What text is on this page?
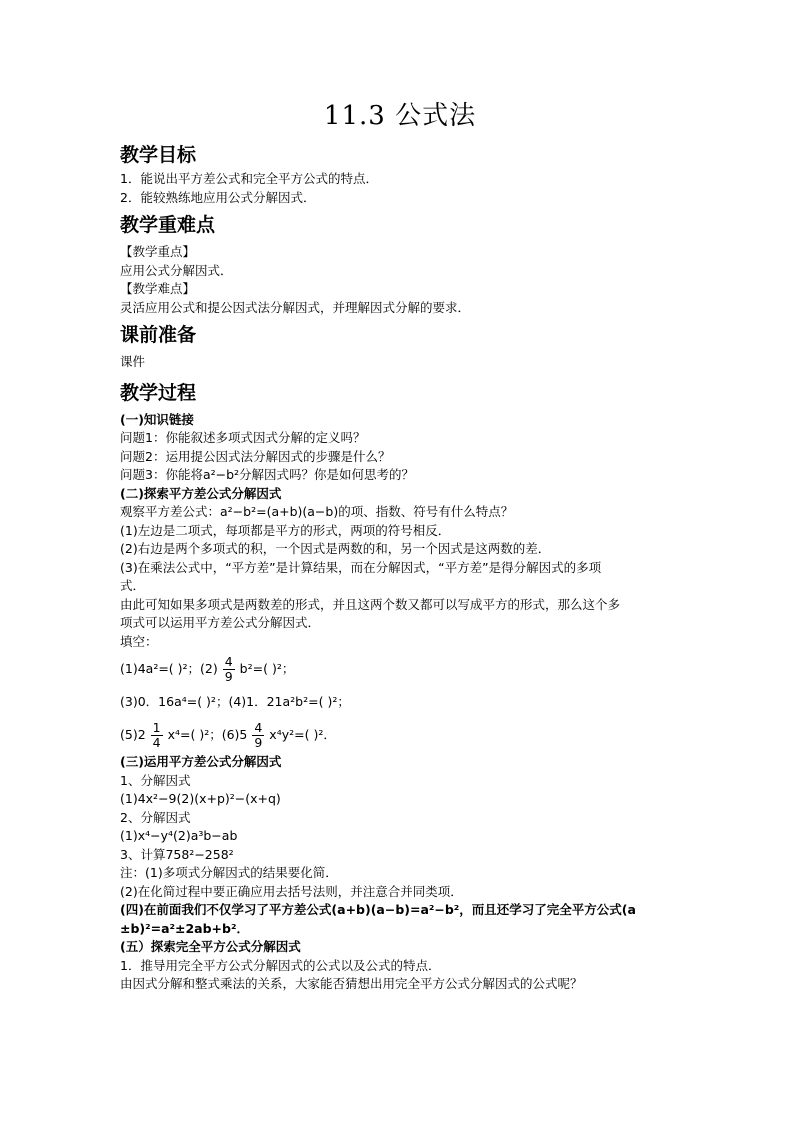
11.3 公式法
教学目标
1．能说出平方差公式和完全平方公式的特点．
2．能较熟练地应用公式分解因式．
教学重难点
【教学重点】
应用公式分解因式．
【教学难点】
灵活应用公式和提公因式法分解因式，并理解因式分解的要求．
课前准备
课件
教学过程
(一)知识链接
问题1：你能叙述多项式因式分解的定义吗？
问题2：运用提公因式法分解因式的步骤是什么？
问题3：你能将a²−b²分解因式吗？你是如何思考的？
(二)探索平方差公式分解因式
观察平方差公式：a²−b²=(a+b)(a−b)的项、指数、符号有什么特点？
(1)左边是二项式，每项都是平方的形式，两项的符号相反．
(2)右边是两个多项式的积，一个因式是两数的和，另一个因式是这两数的差．
(3)在乘法公式中，“平方差”是计算结果，而在分解因式，“平方差”是得分解因式的多项
式．
由此可知如果多项式是两数差的形式，并且这两个数又都可以写成平方的形式，那么这个多
项式可以运用平方差公式分解因式．
填空：
(1)4a²=( )²；$(2) \frac{4}{9} b^2=$( )²；
(3)0．16a⁴=( )²；(4)1．21a²b²=( )²；
$(5)2 \frac{1}{4} x^4=$( )²；$(6)5 \frac{4}{9} x^4y^2=$( )²．
(三)运用平方差公式分解因式
1、分解因式
(1)4x²−9(2)(x+p)²−(x+q)
2、分解因式
(1)x⁴−y⁴(2)a³b−ab
3、计算758²−258²
注：(1)多项式分解因式的结果要化简．
(2)在化简过程中要正确应用去括号法则，并注意合并同类项．
(四)在前面我们不仅学习了平方差公式(a+b)(a−b)=a²−b²，而且还学习了完全平方公式(a
±b)²=a²±2ab+b²．
(五）探索完全平方公式分解因式
1．推导用完全平方公式分解因式的公式以及公式的特点．
由因式分解和整式乘法的关系，大家能否猜想出用完全平方公式分解因式的公式呢？
